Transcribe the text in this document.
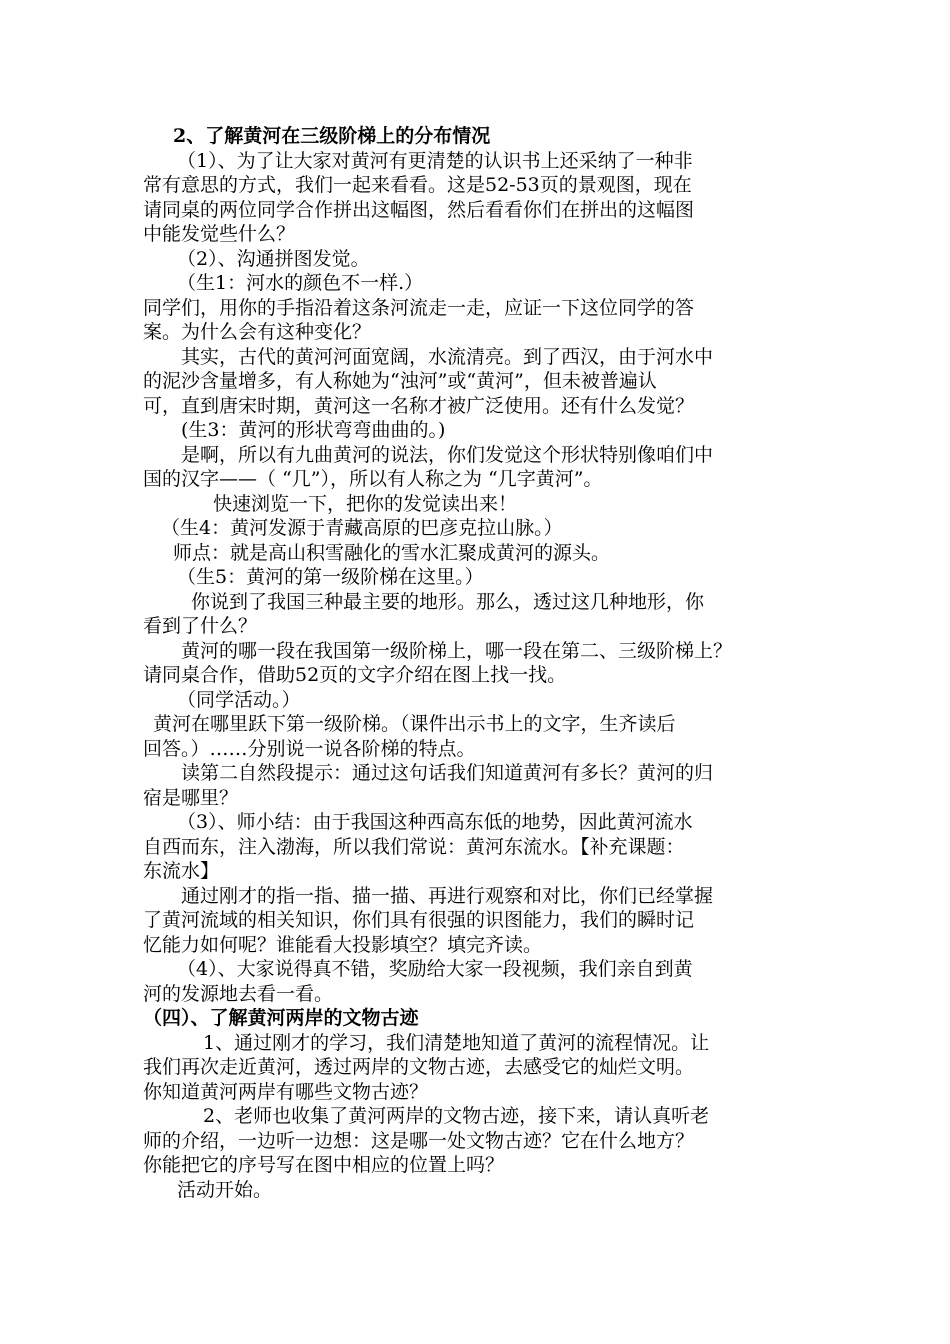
2、了解黄河在三级阶梯上的分布情况
（1）、为了让大家对黄河有更清楚的认识书上还采纳了一种非
常有意思的方式，我们一起来看看。这是52-53页的景观图，现在
请同桌的两位同学合作拼出这幅图，然后看看你们在拼出的这幅图
中能发觉些什么？
（2）、沟通拼图发觉。
（生1：河水的颜色不一样.）
同学们，用你的手指沿着这条河流走一走，应证一下这位同学的答
案。为什么会有这种变化？
其实，古代的黄河河面宽阔，水流清亮。到了西汉，由于河水中
的泥沙含量增多，有人称她为“浊河”或“黄河”，但未被普遍认
可，直到唐宋时期，黄河这一名称才被广泛使用。还有什么发觉？
(生3：黄河的形状弯弯曲曲的。)
是啊，所以有九曲黄河的说法，你们发觉这个形状特别像咱们中
国的汉字——（ “几”），所以有人称之为 “几字黄河”。
快速浏览一下，把你的发觉读出来！
（生4：黄河发源于青藏高原的巴彦克拉山脉。）
师点：就是高山积雪融化的雪水汇聚成黄河的源头。
（生5：黄河的第一级阶梯在这里。）
你说到了我国三种最主要的地形。那么，透过这几种地形，你
看到了什么？
黄河的哪一段在我国第一级阶梯上，哪一段在第二、三级阶梯上？
请同桌合作，借助52页的文字介绍在图上找一找。
（同学活动。）
黄河在哪里跃下第一级阶梯。（课件出示书上的文字，生齐读后
回答。）……分别说一说各阶梯的特点。
读第二自然段提示：通过这句话我们知道黄河有多长？黄河的归
宿是哪里？
（3）、师小结：由于我国这种西高东低的地势，因此黄河流水
自西而东，注入渤海，所以我们常说：黄河东流水。【补充课题：
东流水】
通过刚才的指一指、描一描、再进行观察和对比，你们已经掌握
了黄河流域的相关知识，你们具有很强的识图能力，我们的瞬时记
忆能力如何呢？谁能看大投影填空？填完齐读。
（4）、大家说得真不错，奖励给大家一段视频，我们亲自到黄
河的发源地去看一看。
（四）、了解黄河两岸的文物古迹
1、通过刚才的学习，我们清楚地知道了黄河的流程情况。让
我们再次走近黄河，透过两岸的文物古迹，去感受它的灿烂文明。
你知道黄河两岸有哪些文物古迹？
2、老师也收集了黄河两岸的文物古迹，接下来，请认真听老
师的介绍，一边听一边想：这是哪一处文物古迹？它在什么地方？
你能把它的序号写在图中相应的位置上吗？
活动开始。
